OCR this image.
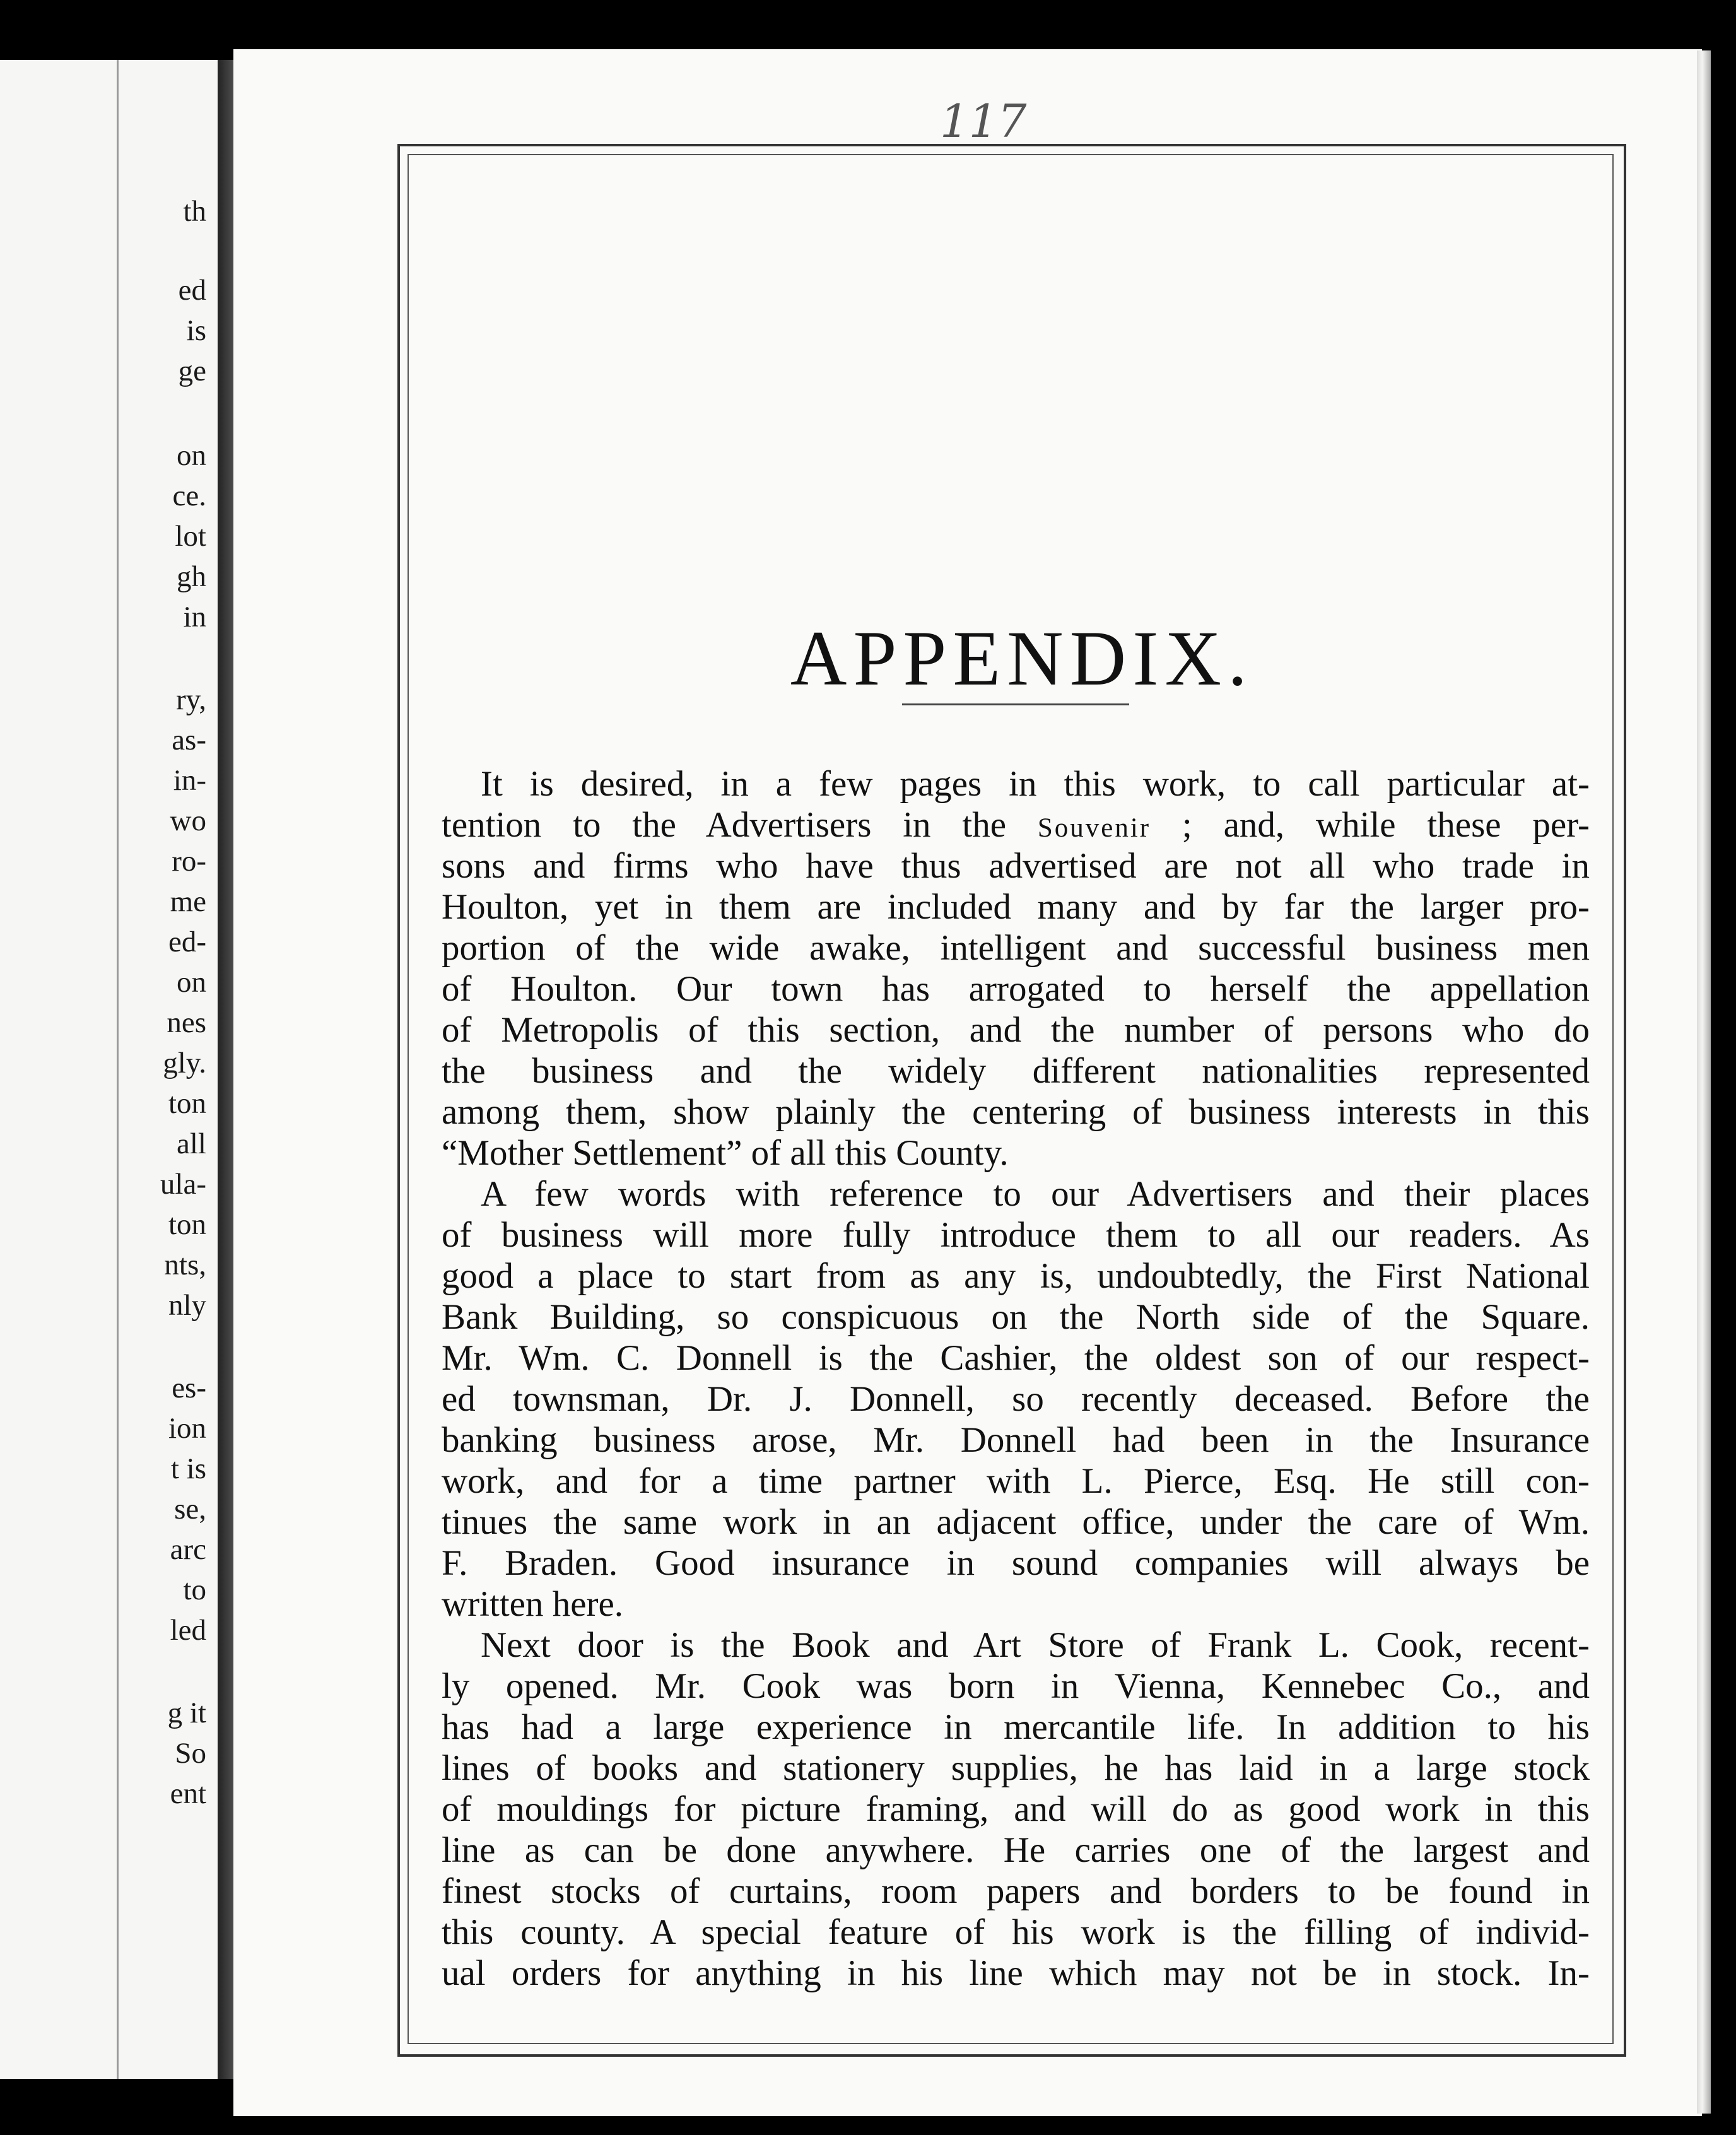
th
ed
is
ge
on
ce.
lot
gh
in
ry,
as-
in-
wo
ro-
me
ed-
on
nes
gly.
ton
all
ula-
ton
nts,
nly
es-
ion
t is
se,
arc
to
led
g it
So
ent
117
APPENDIX.
It is desired, in a few pages in this work, to call particular at-
tention to the Advertisers in the Souvenir ; and, while these per-
sons and firms who have thus advertised are not all who trade in
Houlton, yet in them are included many and by far the larger pro-
portion of the wide awake, intelligent and successful business men
of Houlton. Our town has arrogated to herself the appellation
of Metropolis of this section, and the number of persons who do
the business and the widely different nationalities represented
among them, show plainly the centering of business interests in this
“Mother Settlement” of all this County.
A few words with reference to our Advertisers and their places
of business will more fully introduce them to all our readers. As
good a place to start from as any is, undoubtedly, the First National
Bank Building, so conspicuous on the North side of the Square.
Mr. Wm. C. Donnell is the Cashier, the oldest son of our respect-
ed townsman, Dr. J. Donnell, so recently deceased. Before the
banking business arose, Mr. Donnell had been in the Insurance
work, and for a time partner with L. Pierce, Esq. He still con-
tinues the same work in an adjacent office, under the care of Wm.
F. Braden. Good insurance in sound companies will always be
written here.
Next door is the Book and Art Store of Frank L. Cook, recent-
ly opened. Mr. Cook was born in Vienna, Kennebec Co., and
has had a large experience in mercantile life. In addition to his
lines of books and stationery supplies, he has laid in a large stock
of mouldings for picture framing, and will do as good work in this
line as can be done anywhere. He carries one of the largest and
finest stocks of curtains, room papers and borders to be found in
this county. A special feature of his work is the filling of individ-
ual orders for anything in his line which may not be in stock. In-
